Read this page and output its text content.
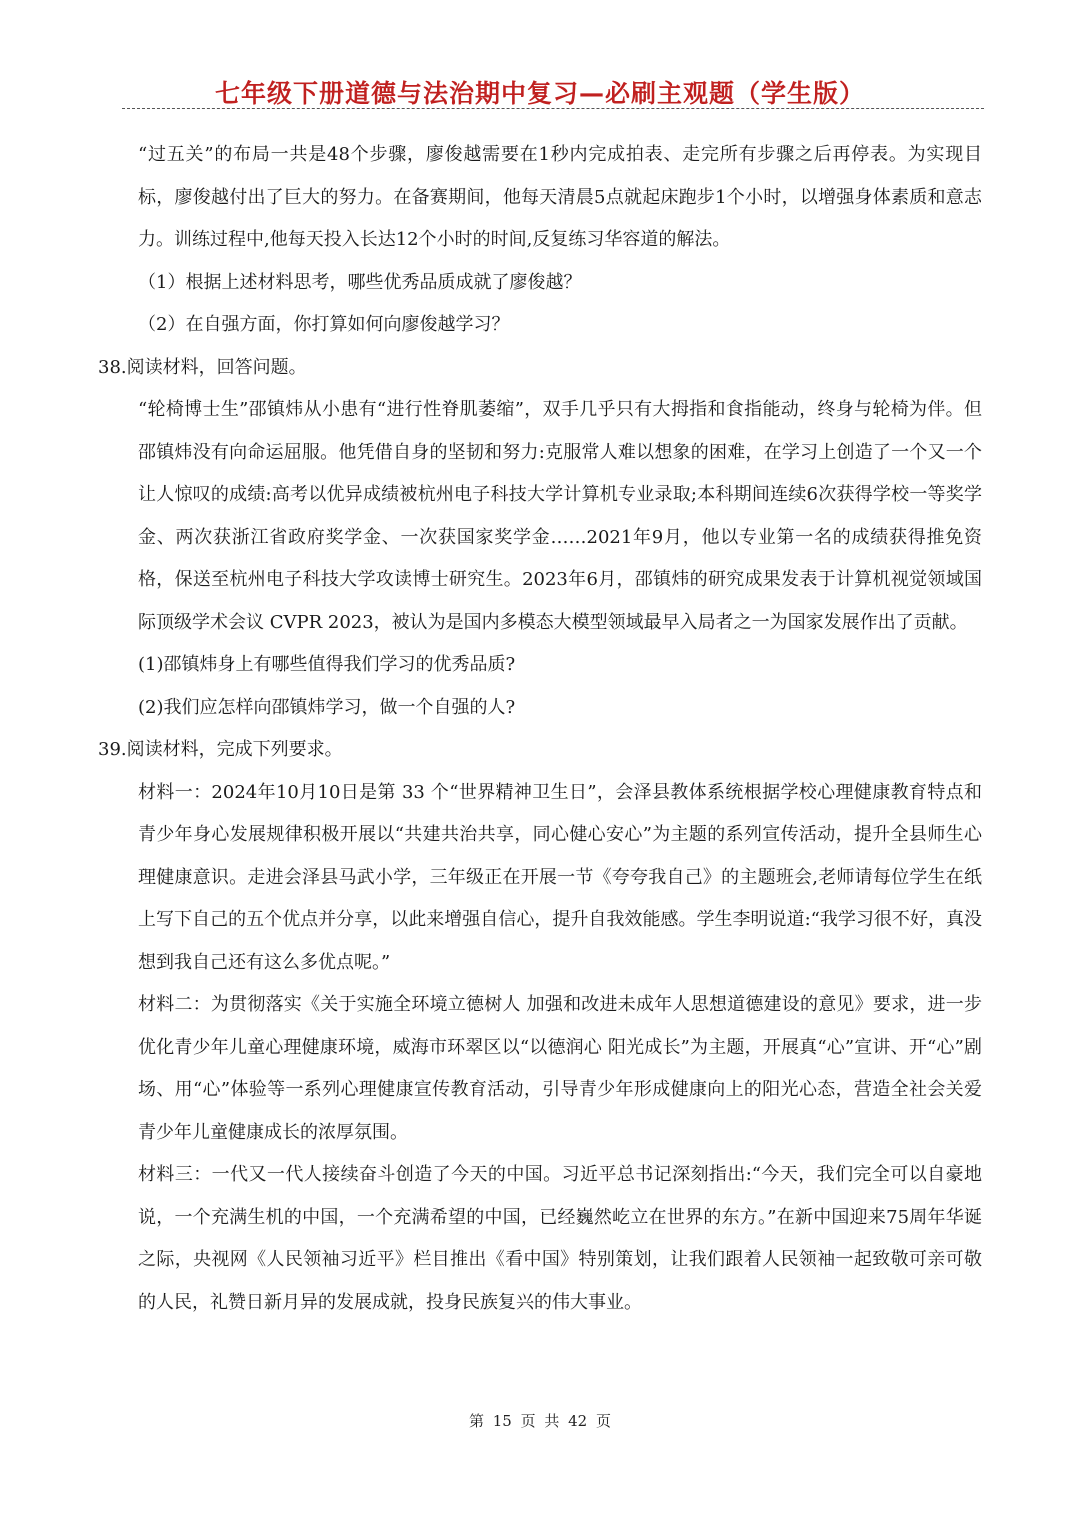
七年级下册道德与法治期中复习—必刷主观题（学生版）

“过五关”的布局一共是48个步骤，廖俊越需要在1秒内完成拍表、走完所有步骤之后再停表。为实现目标，廖俊越付出了巨大的努力。在备赛期间，他每天清晨5点就起床跑步1个小时，以增强身体素质和意志力。训练过程中,他每天投入长达12个小时的时间,反复练习华容道的解法。

（1）根据上述材料思考，哪些优秀品质成就了廖俊越？

（2）在自强方面，你打算如何向廖俊越学习？

38.阅读材料，回答问题。

“轮椅博士生”邵镇炜从小患有“进行性脊肌萎缩”，双手几乎只有大拇指和食指能动，终身与轮椅为伴。但邵镇炜没有向命运屈服。他凭借自身的坚韧和努力:克服常人难以想象的困难，在学习上创造了一个又一个让人惊叹的成绩:高考以优异成绩被杭州电子科技大学计算机专业录取;本科期间连续6次获得学校一等奖学金、两次获浙江省政府奖学金、一次获国家奖学金……2021年9月，他以专业第一名的成绩获得推免资格，保送至杭州电子科技大学攻读博士研究生。2023年6月，邵镇炜的研究成果发表于计算机视觉领域国际顶级学术会议 CVPR 2023，被认为是国内多模态大模型领域最早入局者之一为国家发展作出了贡献。

(1)邵镇炜身上有哪些值得我们学习的优秀品质?

(2)我们应怎样向邵镇炜学习，做一个自强的人?

39.阅读材料，完成下列要求。

材料一：2024年10月10日是第 33 个“世界精神卫生日”，会泽县教体系统根据学校心理健康教育特点和青少年身心发展规律积极开展以“共建共治共享，同心健心安心”为主题的系列宣传活动，提升全县师生心理健康意识。走进会泽县马武小学，三年级正在开展一节《夸夸我自己》的主题班会,老师请每位学生在纸上写下自己的五个优点并分享，以此来增强自信心，提升自我效能感。学生李明说道:“我学习很不好，真没想到我自己还有这么多优点呢。”

材料二：为贯彻落实《关于实施全环境立德树人 加强和改进未成年人思想道德建设的意见》要求，进一步优化青少年儿童心理健康环境，威海市环翠区以“以德润心 阳光成长”为主题，开展真“心”宣讲、开“心”剧场、用“心”体验等一系列心理健康宣传教育活动，引导青少年形成健康向上的阳光心态，营造全社会关爱青少年儿童健康成长的浓厚氛围。

材料三：一代又一代人接续奋斗创造了今天的中国。习近平总书记深刻指出:“今天，我们完全可以自豪地说，一个充满生机的中国，一个充满希望的中国，已经巍然屹立在世界的东方。”在新中国迎来75周年华诞之际，央视网《人民领袖习近平》栏目推出《看中国》特别策划，让我们跟着人民领袖一起致敬可亲可敬的人民，礼赞日新月异的发展成就，投身民族复兴的伟大事业。

第 15 页 共 42 页
